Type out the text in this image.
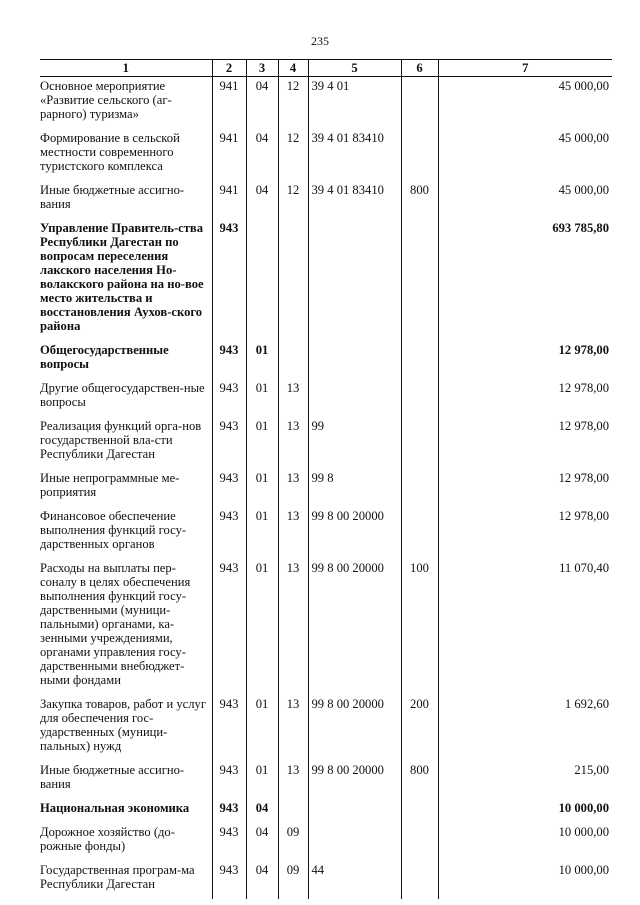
235
1	2	3	4	5	6	7
Основное мероприятие «Развитие сельского (аг-рарного) туризма»	941	04	12	39 4 01		45 000,00
Формирование в сельской местности современного туристского комплекса	941	04	12	39 4 01 83410		45 000,00
Иные бюджетные ассигно-вания	941	04	12	39 4 01 83410	800	45 000,00
Управление Правитель-ства Республики Дагестан по вопросам переселения лакского населения Но-волакского района на но-вое место жительства и восстановления Аухов-ского района	943					693 785,80
Общегосударственные вопросы	943	01				12 978,00
Другие общегосударствен-ные вопросы	943	01	13			12 978,00
Реализация функций орга-нов государственной вла-сти Республики Дагестан	943	01	13	99		12 978,00
Иные непрограммные ме-роприятия	943	01	13	99 8		12 978,00
Финансовое обеспечение выполнения функций госу-дарственных органов	943	01	13	99 8 00 20000		12 978,00
Расходы на выплаты пер-соналу в целях обеспечения выполнения функций госу-дарственными (муници-пальными) органами, ка-зенными учреждениями, органами управления госу-дарственными внебюджет-ными фондами	943	01	13	99 8 00 20000	100	11 070,40
Закупка товаров, работ и услуг для обеспечения гос-ударственных (муници-пальных) нужд	943	01	13	99 8 00 20000	200	1 692,60
Иные бюджетные ассигно-вания	943	01	13	99 8 00 20000	800	215,00
Национальная экономика	943	04				10 000,00
Дорожное хозяйство (до-рожные фонды)	943	04	09			10 000,00
Государственная програм-ма Республики Дагестан	943	04	09	44		10 000,00
